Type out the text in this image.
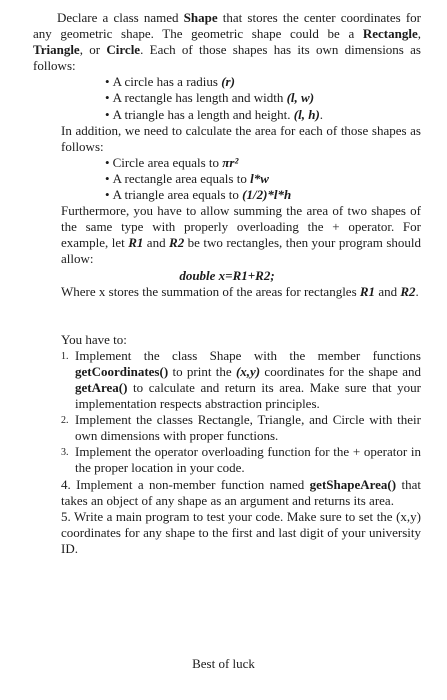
Declare a class named Shape that stores the center coordinates for any geometric shape. The geometric shape could be a Rectangle, Triangle, or Circle. Each of those shapes has its own dimensions as follows:

• A circle has a radius (r)
• A rectangle has length and width (l, w)
• A triangle has a length and height. (l, h).

In addition, we need to calculate the area for each of those shapes as follows:

• Circle area equals to πr²
• A rectangle area equals to l*w
• A triangle area equals to (1/2)*l*h

Furthermore, you have to allow summing the area of two shapes of the same type with properly overloading the + operator. For example, let R1 and R2 be two rectangles, then your program should allow:

double x=R1+R2;

Where x stores the summation of the areas for rectangles R1 and R2.

You have to:

1. Implement the class Shape with the member functions getCoordinates() to print the (x,y) coordinates for the shape and getArea() to calculate and return its area. Make sure that your implementation respects abstraction principles.
2. Implement the classes Rectangle, Triangle, and Circle with their own dimensions with proper functions.
3. Implement the operator overloading function for the + operator in the proper location in your code.

4. Implement a non-member function named getShapeArea() that takes an object of any shape as an argument and returns its area.

5. Write a main program to test your code. Make sure to set the (x,y) coordinates for any shape to the first and last digit of your university ID.

Best of luck
